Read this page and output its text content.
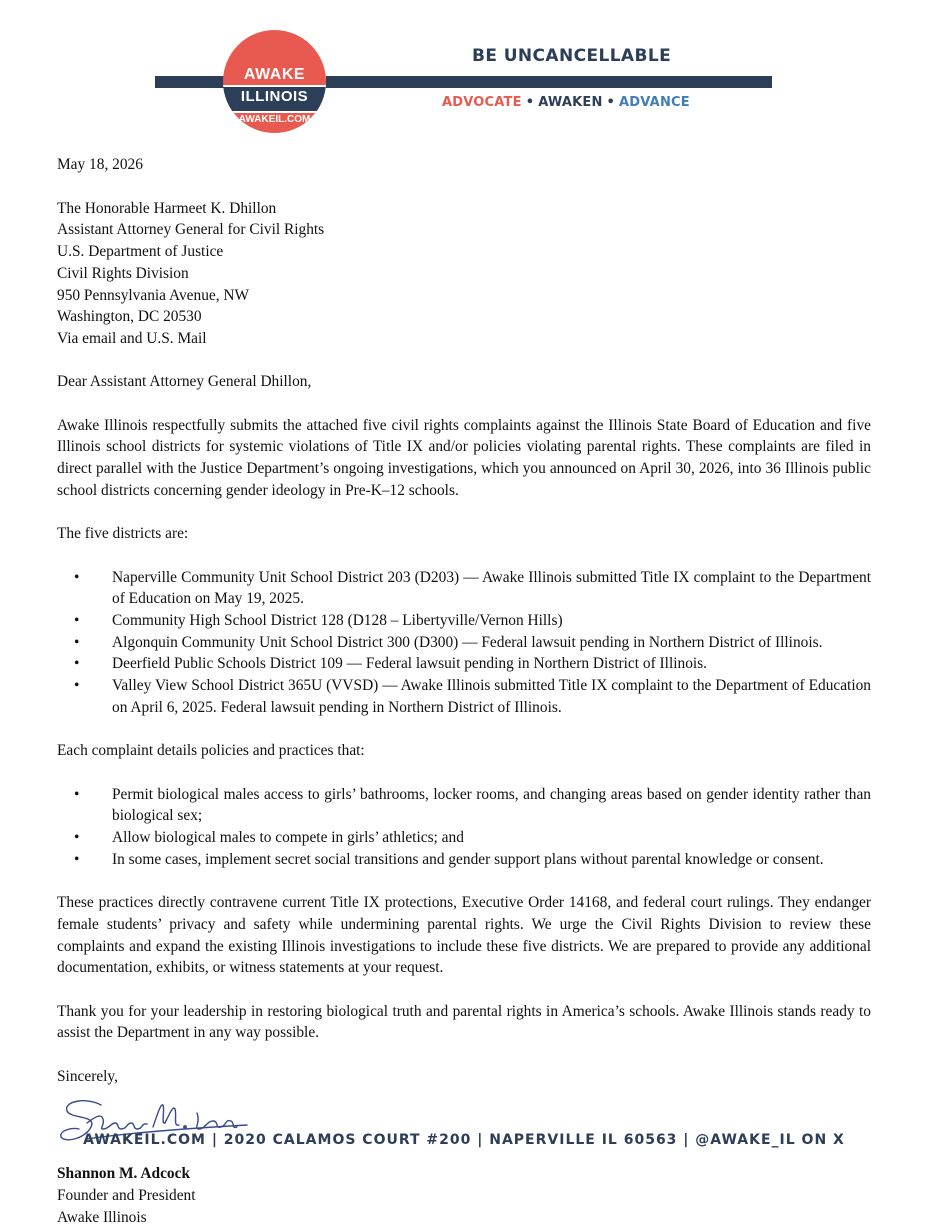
AWAKE
ILLINOIS
AWAKEIL.COM
BE UNCANCELLABLE
ADVOCATE • AWAKEN • ADVANCE

May 18, 2026

The Honorable Harmeet K. Dhillon

Assistant Attorney General for Civil Rights

U.S. Department of Justice

Civil Rights Division

950 Pennsylvania Avenue, NW

Washington, DC 20530

Via email and U.S. Mail

Dear Assistant Attorney General Dhillon,

Awake Illinois respectfully submits the attached five civil rights complaints against the Illinois State Board of Education and five Illinois school districts for systemic violations of Title IX and/or policies violating parental rights. These complaints are filed in direct parallel with the Justice Department’s ongoing investigations, which you announced on April 30, 2026, into 36 Illinois public school districts concerning gender ideology in Pre-K–12 schools.

The five districts are:

• Naperville Community Unit School District 203 (D203) — Awake Illinois submitted Title IX complaint to the Department of Education on May 19, 2025.
• Community High School District 128 (D128 – Libertyville/Vernon Hills)
• Algonquin Community Unit School District 300 (D300) — Federal lawsuit pending in Northern District of Illinois.
• Deerfield Public Schools District 109 — Federal lawsuit pending in Northern District of Illinois.
• Valley View School District 365U (VVSD) — Awake Illinois submitted Title IX complaint to the Department of Education on April 6, 2025. Federal lawsuit pending in Northern District of Illinois.

Each complaint details policies and practices that:

• Permit biological males access to girls’ bathrooms, locker rooms, and changing areas based on gender identity rather than biological sex;
• Allow biological males to compete in girls’ athletics; and
• In some cases, implement secret social transitions and gender support plans without parental knowledge or consent.

These practices directly contravene current Title IX protections, Executive Order 14168, and federal court rulings. They endanger female students’ privacy and safety while undermining parental rights. We urge the Civil Rights Division to review these complaints and expand the existing Illinois investigations to include these five districts. We are prepared to provide any additional documentation, exhibits, or witness statements at your request.

Thank you for your leadership in restoring biological truth and parental rights in America’s schools. Awake Illinois stands ready to assist the Department in any way possible.

Sincerely,

Shannon M. Adcock

Founder and President

Awake Illinois

AWAKEIL.COM | 2020 CALAMOS COURT #200 | NAPERVILLE IL 60563 | @AWAKE_IL ON X
